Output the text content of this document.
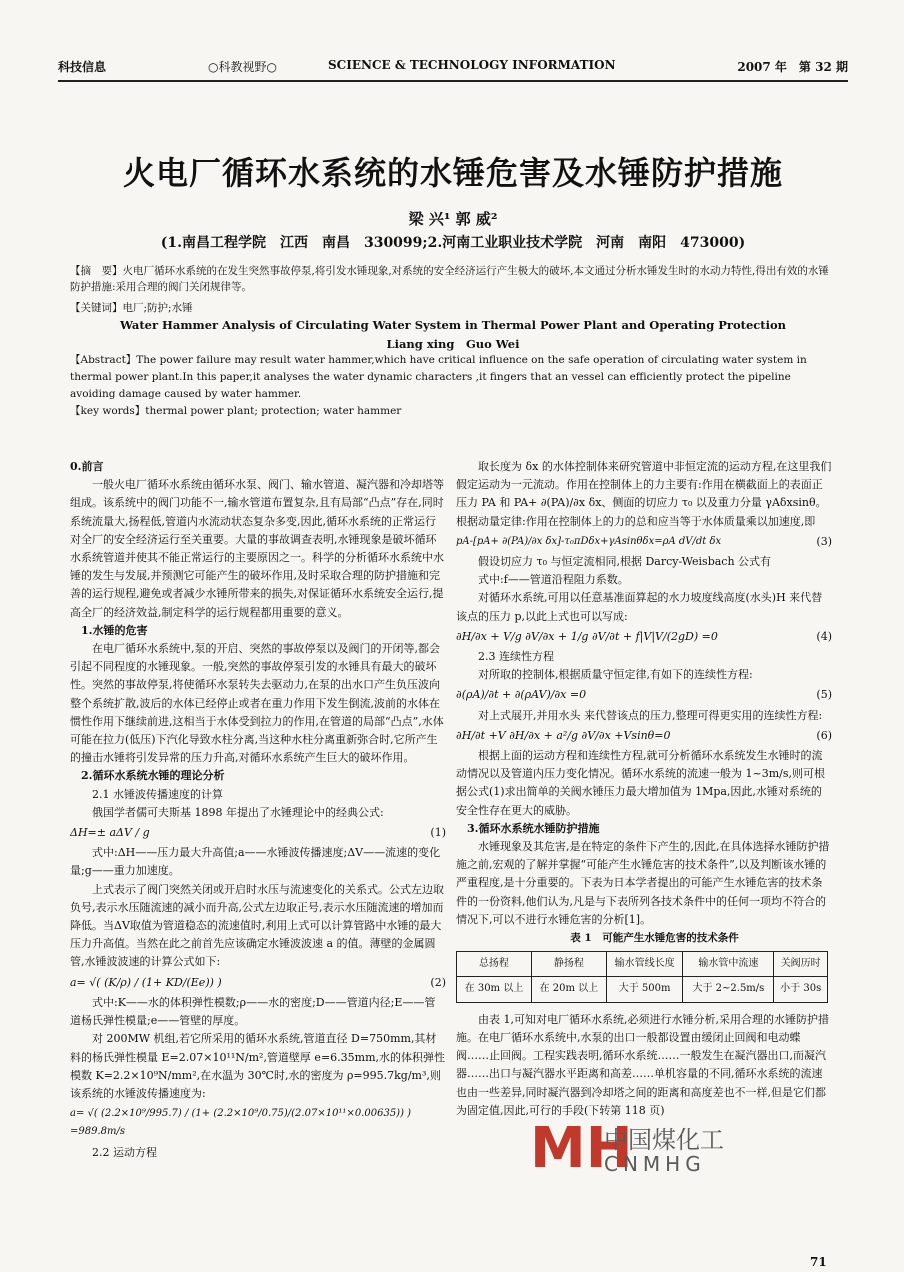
科技信息	○科教视野○	SCIENCE & TECHNOLOGY INFORMATION	2007 年　第 32 期
火电厂循环水系统的水锤危害及水锤防护措施
梁 兴¹ 郭 威²
(1.南昌工程学院　江西　南昌　330099;2.河南工业职业技术学院　河南　南阳　473000)
【摘　要】火电厂循环水系统的在发生突然事故停泵,将引发水锤现象,对系统的安全经济运行产生极大的破坏,本文通过分析水锤发生时的水动力特性,得出有效的水锤防护措施:采用合理的阀门关闭规律等。
【关键词】电厂;防护;水锤
Water Hammer Analysis of Circulating Water System in Thermal Power Plant and Operating Protection
Liang xing　Guo Wei
【Abstract】The power failure may result water hammer,which have critical influence on the safe operation of circulating water system in thermal power plant.In this paper,it analyses the water dynamic characters ,it fingers that an vessel can efficiently protect the pipeline avoiding damage caused by water hammer.
【key words】thermal power plant; protection; water hammer

0.前言

一般火电厂循环水系统由循环水泵、阀门、输水管道、凝汽器和冷却塔等组成。该系统中的阀门功能不一,输水管道布置复杂,且有局部“凸点”存在,同时系统流量大,扬程低,管道内水流动状态复杂多变,因此,循环水系统的正常运行对全厂的安全经济运行至关重要。大量的事故调查表明,水锤现象是破坏循环水系统管道并使其不能正常运行的主要原因之一。科学的分析循环水系统中水锤的发生与发展,并预测它可能产生的破坏作用,及时采取合理的防护措施和完善的运行规程,避免或者减少水锤所带来的损失,对保证循环水系统安全运行,提高全厂的经济效益,制定科学的运行规程都用重要的意义。

1.水锤的危害

在电厂循环水系统中,泵的开启、突然的事故停泵以及阀门的开闭等,都会引起不同程度的水锤现象。一般,突然的事故停泵引发的水锤具有最大的破坏性。突然的事故停泵,将使循环水泵转失去驱动力,在泵的出水口产生负压波向整个系统扩散,波后的水体已经停止或者在重力作用下发生倒流,波前的水体在惯性作用下继续前进,这相当于水体受到拉力的作用,在管道的局部“凸点”,水体可能在拉力(低压)下汽化导致水柱分离,当这种水柱分离重新弥合时,它所产生的撞击水锤将引发异常的压力升高,对循环水系统产生巨大的破坏作用。

2.循环水系统水锤的理论分析

2.1 水锤波传播速度的计算

俄国学者儒可夫斯基 1898 年提出了水锤理论中的经典公式:

ΔH=± aΔV / g	(1)

式中:ΔH——压力最大升高值;a——水锤波传播速度;ΔV——流速的变化量;g——重力加速度。

上式表示了阀门突然关闭或开启时水压与流速变化的关系式。公式左边取负号,表示水压随流速的减小而升高,公式左边取正号,表示水压随流速的增加而降低。当ΔV取值为管道稳态的流速值时,利用上式可以计算管路中水锤的最大压力升高值。当然在此之前首先应该确定水锤波波速 a 的值。薄壁的金属圆管,水锤波波速的计算公式如下:

a= √( (K/ρ) / (1+ KD/(Ee)) )	(2)

式中:K——水的体积弹性模数;ρ——水的密度;D——管道内径;E——管道杨氏弹性模量;e——管壁的厚度。

对 200MW 机组,若它所采用的循环水系统,管道直径 D=750mm,其材料的杨氏弹性模量 E=2.07×10¹¹N/m²,管道壁厚 e=6.35mm,水的体积弹性模数 K=2.2×10⁹N/mm²,在水温为 30℃时,水的密度为 ρ=995.7kg/m³,则该系统的水锤波传播速度为:

a= √( (2.2×10⁹/995.7) / (1+ (2.2×10⁹/0.75)/(2.07×10¹¹×0.00635)) ) =989.8m/s

2.2 运动方程

取长度为 δx 的水体控制体来研究管道中非恒定流的运动方程,在这里我们假定运动为一元流动。作用在控制体上的力主要有:作用在横截面上的表面正压力 PA 和 PA+ ∂(PA)/∂x δx、侧面的切应力 τ₀ 以及重力分量 γAδxsinθ。根据动量定律:作用在控制体上的力的总和应当等于水体质量乘以加速度,即

pA-[pA+ ∂(PA)/∂x δx]-τ₀πDδx+γAsinθδx=ρA dV/dt δx	(3)

假设切应力 τ₀ 与恒定流相同,根据 Darcy-Weisbach 公式有

式中:f——管道沿程阻力系数。

对循环水系统,可用以任意基准面算起的水力坡度线高度(水头)H 来代替该点的压力 p,以此上式也可以写成:

∂H/∂x + V/g ∂V/∂x + 1/g ∂V/∂t + f|V|V/(2gD) =0	(4)

2.3 连续性方程

对所取的控制体,根据质量守恒定律,有如下的连续性方程:

∂(ρA)/∂t + ∂(ρAV)/∂x =0	(5)

对上式展开,并用水头 来代替该点的压力,整理可得更实用的连续性方程:

∂H/∂t +V ∂H/∂x + a²/g ∂V/∂x +Vsinθ=0	(6)

根据上面的运动方程和连续性方程,就可分析循环水系统发生水锤时的流动情况以及管道内压力变化情况。循环水系统的流速一般为 1~3m/s,则可根据公式(1)求出简单的关阀水锤压力最大增加值为 1Mpa,因此,水锤对系统的安全性存在更大的威胁。

3.循环水系统水锤防护措施

水锤现象及其危害,是在特定的条件下产生的,因此,在具体选择水锤防护措施之前,宏观的了解并掌握“可能产生水锤危害的技术条件”,以及判断该水锤的严重程度,是十分重要的。下表为日本学者提出的可能产生水锤危害的技术条件的一份资料,他们认为,凡是与下表所列各技术条件中的任何一项均不符合的情况下,可以不进行水锤危害的分析[1]。

表 1　可能产生水锤危害的技术条件

总扬程	静扬程	输水管线长度	输水管中流速	关阀历时
在 30m 以上	在 20m 以上	大于 500m	大于 2~2.5m/s	小于 30s

由表 1,可知对电厂循环水系统,必须进行水锤分析,采用合理的水锤防护措施。在电厂循环水系统中,水泵的出口一般都设置由缓闭止回阀和电动蝶阀……止回阀。工程实践表明,循环水系统……一般发生在凝汽器出口,而凝汽器……出口与凝汽器水平距离和高差……单机容量的不同,循环水系统的流速也由一些差异,同时凝汽器到冷却塔之间的距离和高度差也不一样,但是它们都为固定值,因此,可行的手段(下转第 118 页)

MH
中国煤化工
CNMHG
71
